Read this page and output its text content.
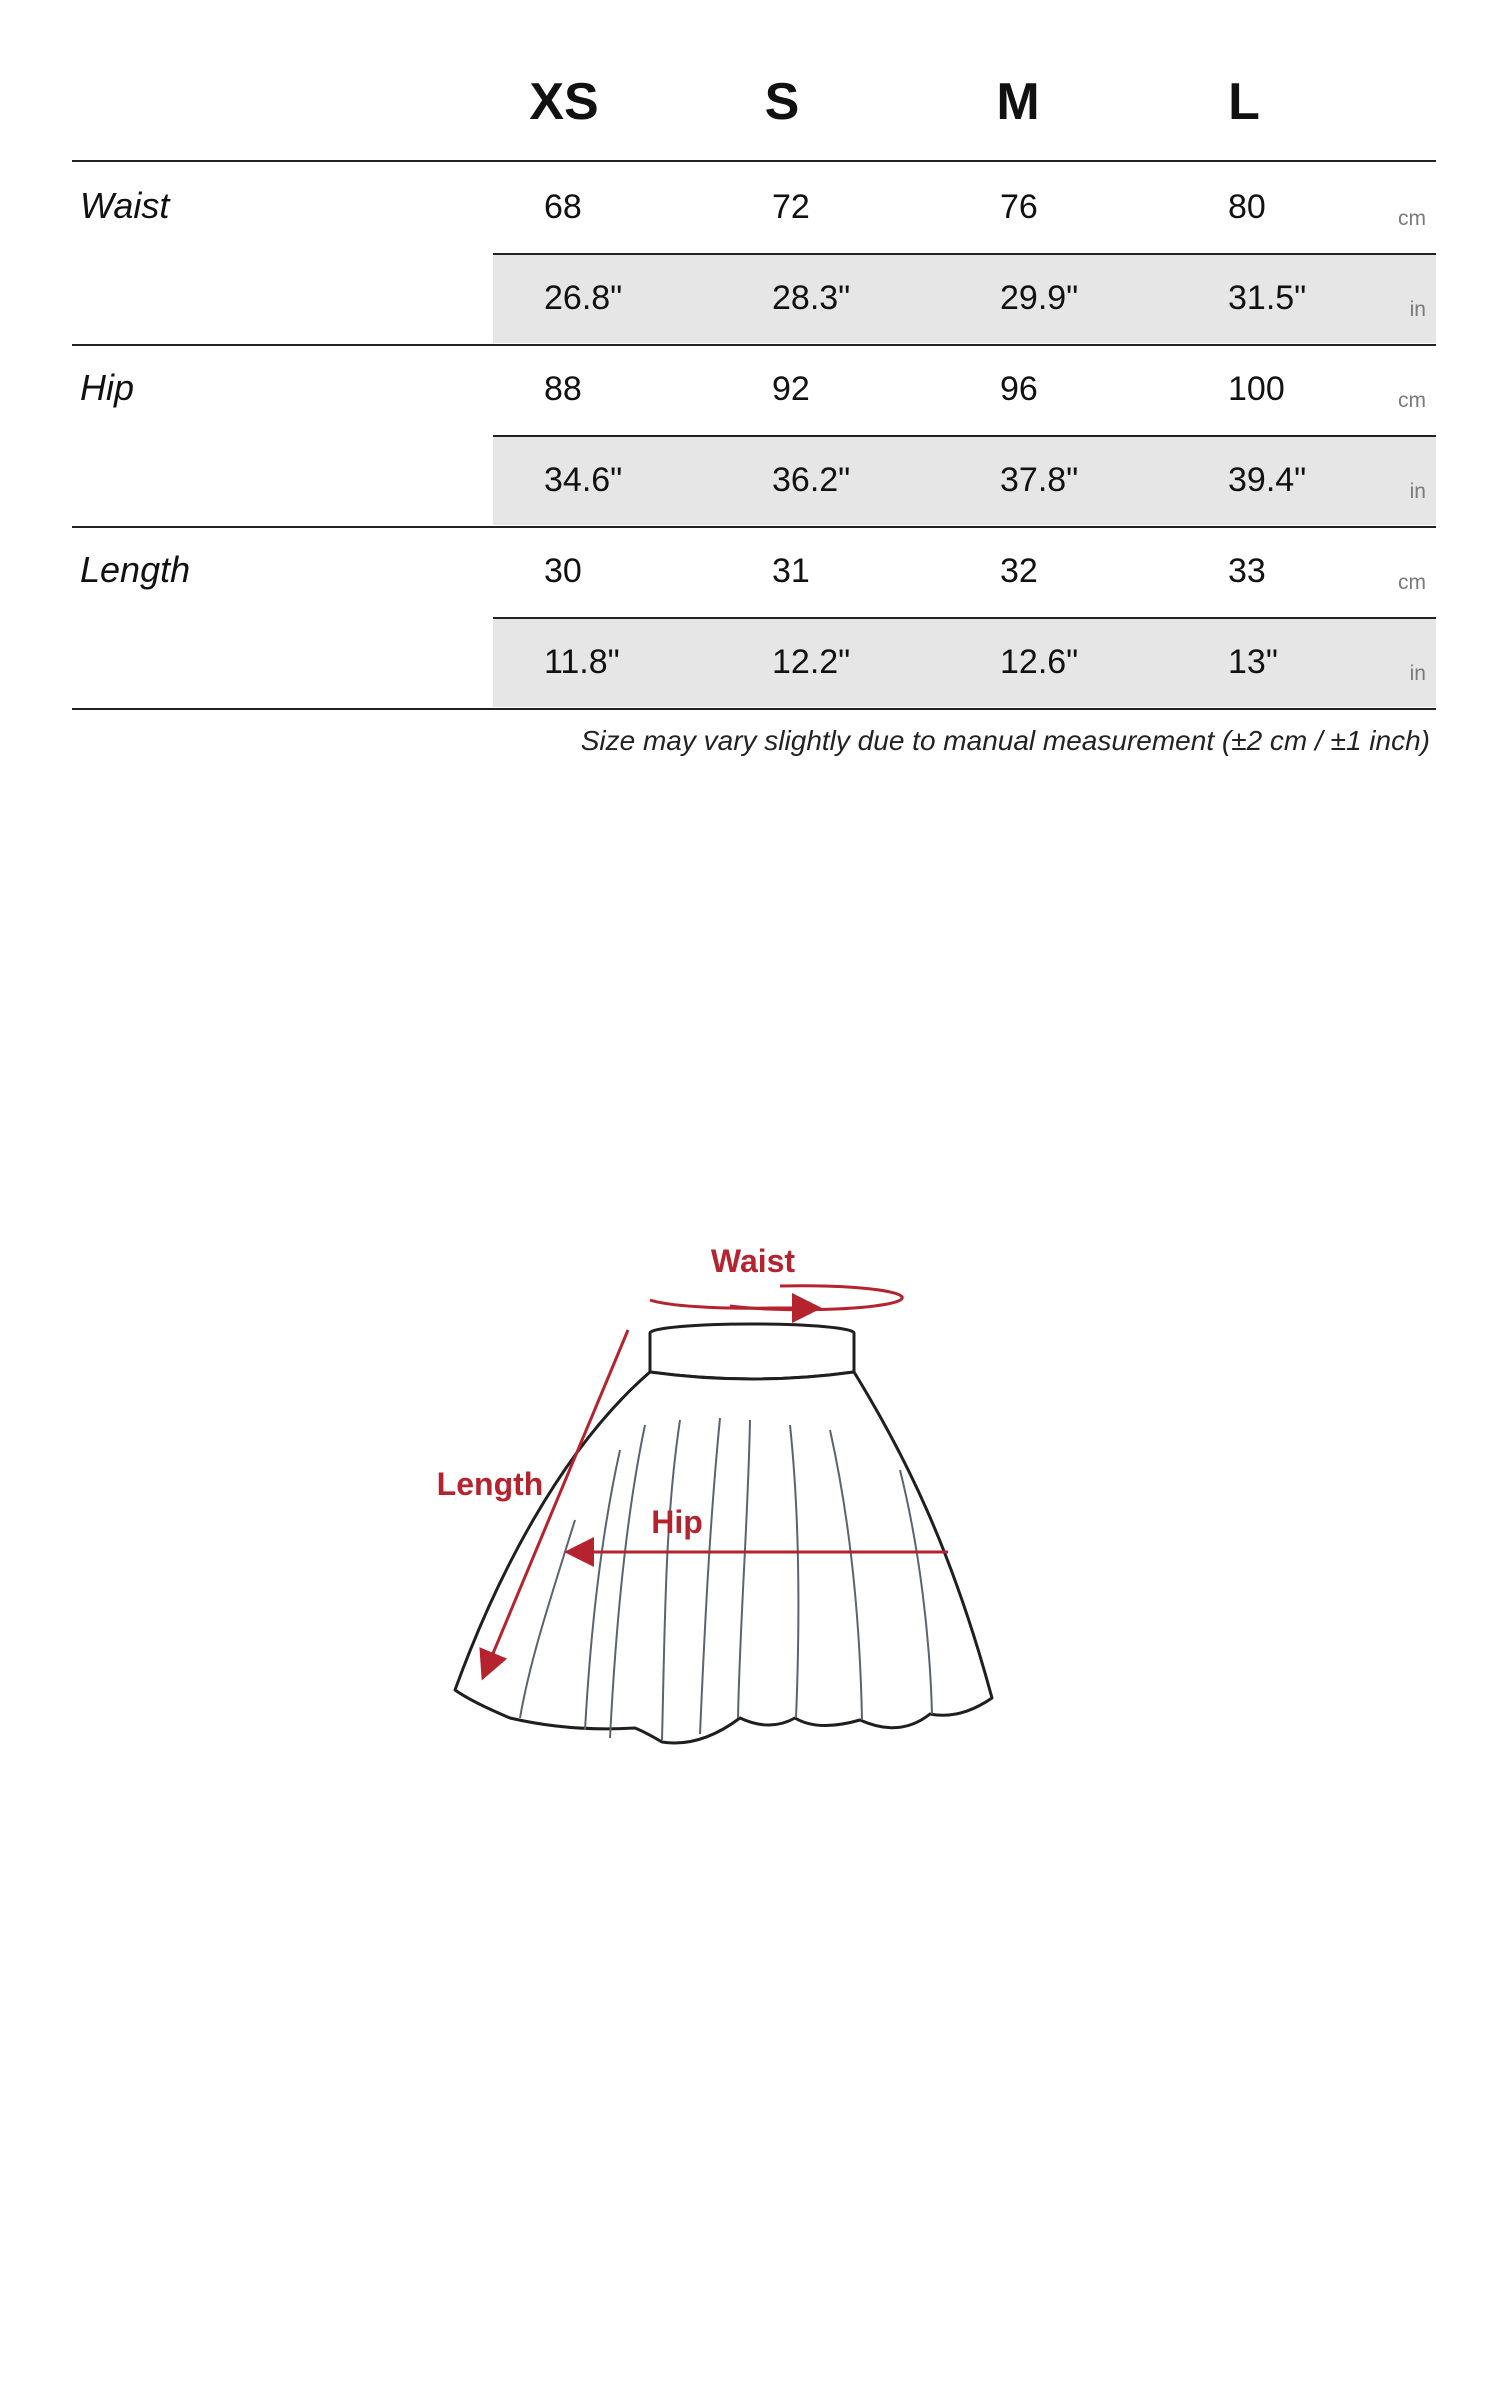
XS	S	M	L
Waist	68	72	76	80	cm
26.8"	28.3"	29.9"	31.5"	in
Hip	88	92	96	100	cm
34.6"	36.2"	37.8"	39.4"	in
Length	30	31	32	33	cm
11.8"	12.2"	12.6"	13"	in
Size may vary slightly due to manual measurement (±2 cm / ±1 inch)
Waist
Length
Hip
